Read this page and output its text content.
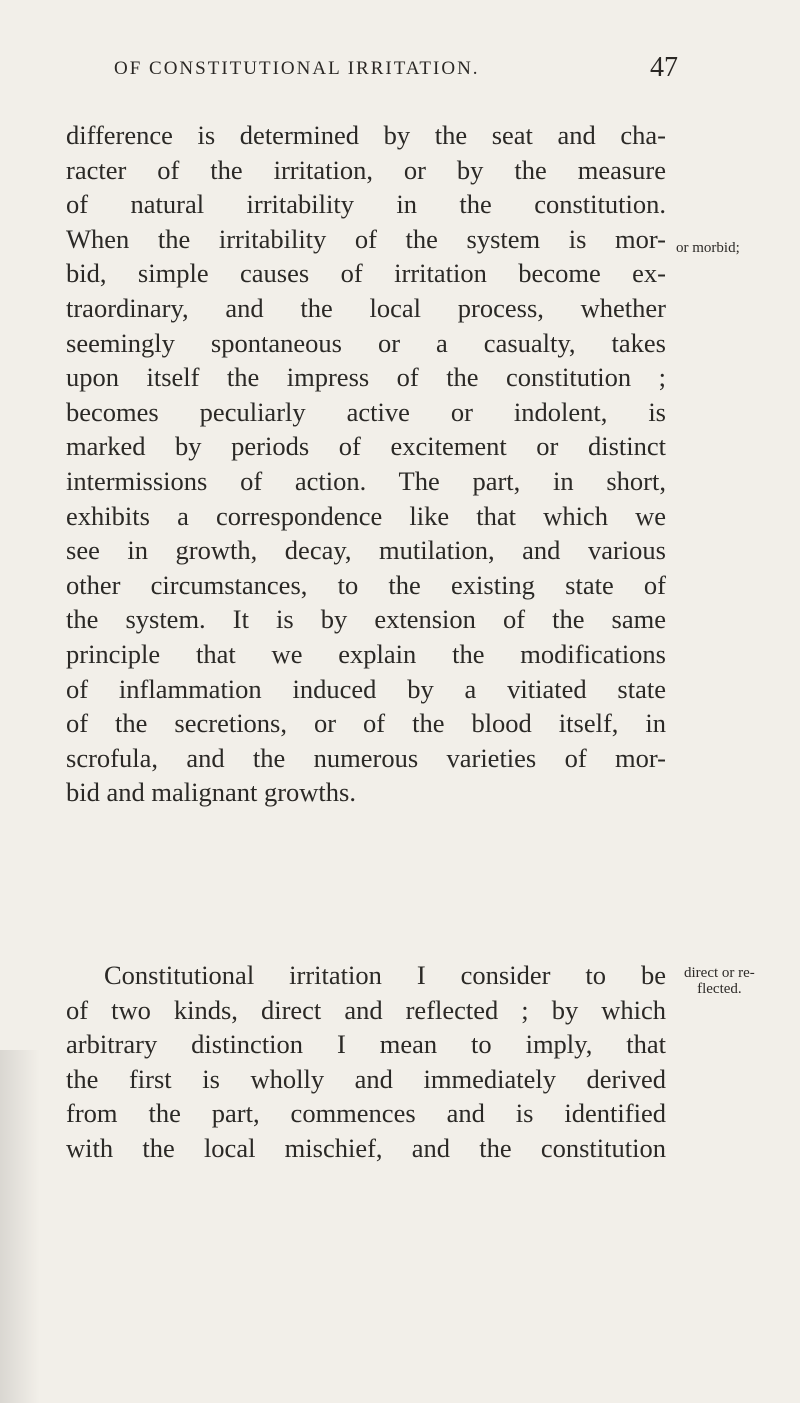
OF CONSTITUTIONAL IRRITATION.	47
difference is determined by the seat and cha-
racter of the irritation, or by the measure
of natural irritability in the constitution.
When the irritability of the system is mor-
bid, simple causes of irritation become ex-
traordinary, and the local process, whether
seemingly spontaneous or a casualty, takes
upon itself the impress of the constitution ;
becomes peculiarly active or indolent, is
marked by periods of excitement or distinct
intermissions of action. The part, in short,
exhibits a correspondence like that which we
see in growth, decay, mutilation, and various
other circumstances, to the existing state of
the system. It is by extension of the same
principle that we explain the modifications
of inflammation induced by a vitiated state
of the secretions, or of the blood itself, in
scrofula, and the numerous varieties of mor-
bid and malignant growths.
Constitutional irritation I consider to be
of two kinds, direct and reflected ; by which
arbitrary distinction I mean to imply, that
the first is wholly and immediately derived
from the part, commences and is identified
with the local mischief, and the constitution
or morbid;
direct or re-
flected.
